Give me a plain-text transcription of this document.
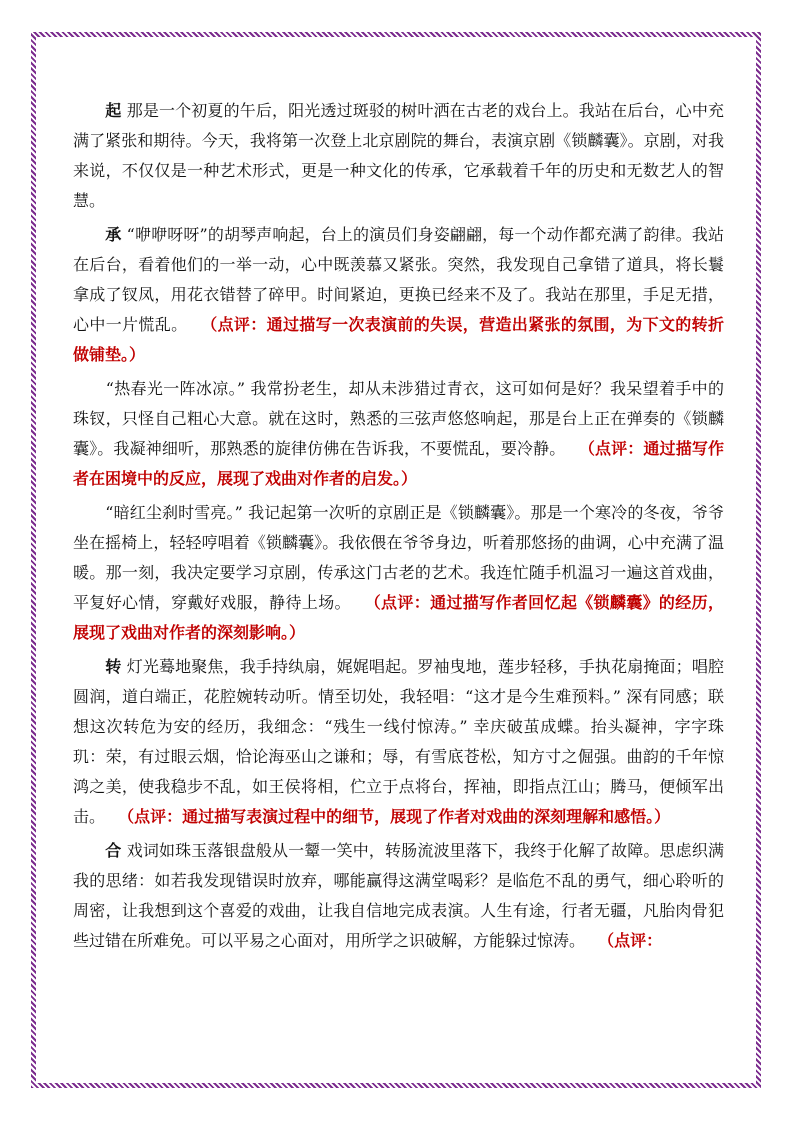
　　起 那是一个初夏的午后，阳光透过斑驳的树叶洒在古老的戏台上。我站在后台，心中充满了紧张和期待。今天，我将第一次登上北京剧院的舞台，表演京剧《锁麟囊》。京剧，对我来说，不仅仅是一种艺术形式，更是一种文化的传承，它承载着千年的历史和无数艺人的智慧。

　　承 “咿咿呀呀”的胡琴声响起，台上的演员们身姿翩翩，每一个动作都充满了韵律。我站在后台，看着他们的一举一动，心中既羡慕又紧张。突然，我发现自己拿错了道具，将长鬟拿成了钗凤，用花衣错替了碎甲。时间紧迫，更换已经来不及了。我站在那里，手足无措，心中一片慌乱。　 （点评：通过描写一次表演前的失误，营造出紧张的氛围，为下文的转折做铺垫。）

　　“热春光一阵冰凉。” 我常扮老生，却从未涉猎过青衣，这可如何是好？我呆望着手中的珠钗，只怪自己粗心大意。就在这时，熟悉的三弦声悠悠响起，那是台上正在弹奏的《锁麟囊》。我凝神细听，那熟悉的旋律仿佛在告诉我，不要慌乱，要冷静。　 （点评：通过描写作者在困境中的反应，展现了戏曲对作者的启发。）

　　“暗红尘刹时雪亮。” 我记起第一次听的京剧正是《锁麟囊》。那是一个寒冷的冬夜，爷爷坐在摇椅上，轻轻哼唱着《锁麟囊》。我依偎在爷爷身边，听着那悠扬的曲调，心中充满了温暖。那一刻，我决定要学习京剧，传承这门古老的艺术。我连忙随手机温习一遍这首戏曲，平复好心情，穿戴好戏服，静待上场。　 （点评：通过描写作者回忆起《锁麟囊》的经历，展现了戏曲对作者的深刻影响。）

　　转 灯光蓦地聚焦，我手持纨扇，娓娓唱起。罗袖曳地，莲步轻移，手执花扇掩面；唱腔圆润，道白端正，花腔婉转动听。情至切处，我轻唱：“这才是今生难预料。” 深有同感；联想这次转危为安的经历，我细念：“残生一线付惊涛。” 幸庆破茧成蝶。抬头凝神，字字珠玑：荣，有过眼云烟，恰论海巫山之谦和；辱，有雪底苍松，知方寸之倔强。曲韵的千年惊鸿之美，使我稳步不乱，如王侯将相，伫立于点将台，挥袖，即指点江山；腾马，便倾军出击。　 （点评：通过描写表演过程中的细节，展现了作者对戏曲的深刻理解和感悟。）

　　合 戏词如珠玉落银盘般从一颦一笑中，转肠流波里落下，我终于化解了故障。思虑织满我的思绪：如若我发现错误时放弃，哪能赢得这满堂喝彩？是临危不乱的勇气，细心聆听的周密，让我想到这个喜爱的戏曲，让我自信地完成表演。人生有途，行者无疆，凡胎肉骨犯些过错在所难免。可以平易之心面对，用所学之识破解，方能躲过惊涛。　 （点评：
